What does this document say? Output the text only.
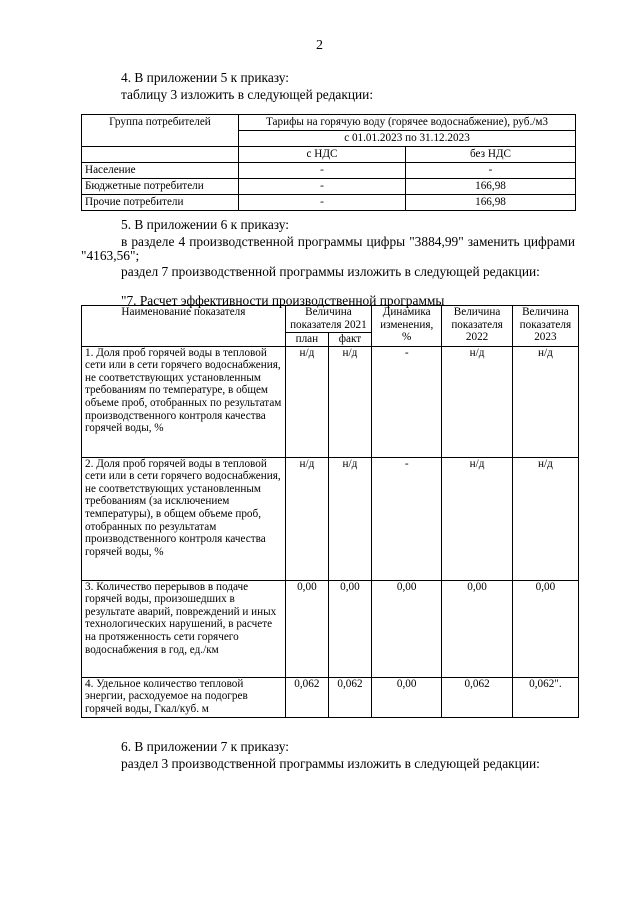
2
4. В приложении 5 к приказу:
таблицу 3 изложить в следующей редакции:
Группа потребителей	Тарифы на горячую воду (горячее водоснабжение), руб./м3	
	с 01.01.2023 по 31.12.2023	
	с НДС	без НДС
Население	-	-
Бюджетные потребители	-	166,98
Прочие потребители	-	166,98
5. В приложении 6 к приказу:
в разделе 4 производственной программы цифры "3884,99" заменить цифрами
"4163,56";
раздел 7 производственной программы изложить в следующей редакции:
"7. Расчет эффективности производственной программы
Наименование показателя	Величина показателя 2021		Динамика изменения, %	Величина показателя 2022	Величина показателя 2023
	план	факт			
1. Доля проб горячей воды в тепловой сети или в сети горячего водоснабжения, не соответствующих установленным требованиям по температуре, в общем объеме проб, отобранных по результатам производственного контроля качества горячей воды, %	н/д	н/д	-	н/д	н/д
2. Доля проб горячей воды в тепловой сети или в сети горячего водоснабжения, не соответствующих установленным требованиям (за исключением температуры), в общем объеме проб, отобранных по результатам производственного контроля качества горячей воды, %	н/д	н/д	-	н/д	н/д
3. Количество перерывов в подаче горячей воды, произошедших в результате аварий, повреждений и иных технологических нарушений, в расчете на протяженность сети горячего водоснабжения в год, ед./км	0,00	0,00	0,00	0,00	0,00
4. Удельное количество тепловой энергии, расходуемое на подогрев горячей воды, Гкал/куб. м	0,062	0,062	0,00	0,062	0,062".
6. В приложении 7 к приказу:
раздел 3 производственной программы изложить в следующей редакции:
